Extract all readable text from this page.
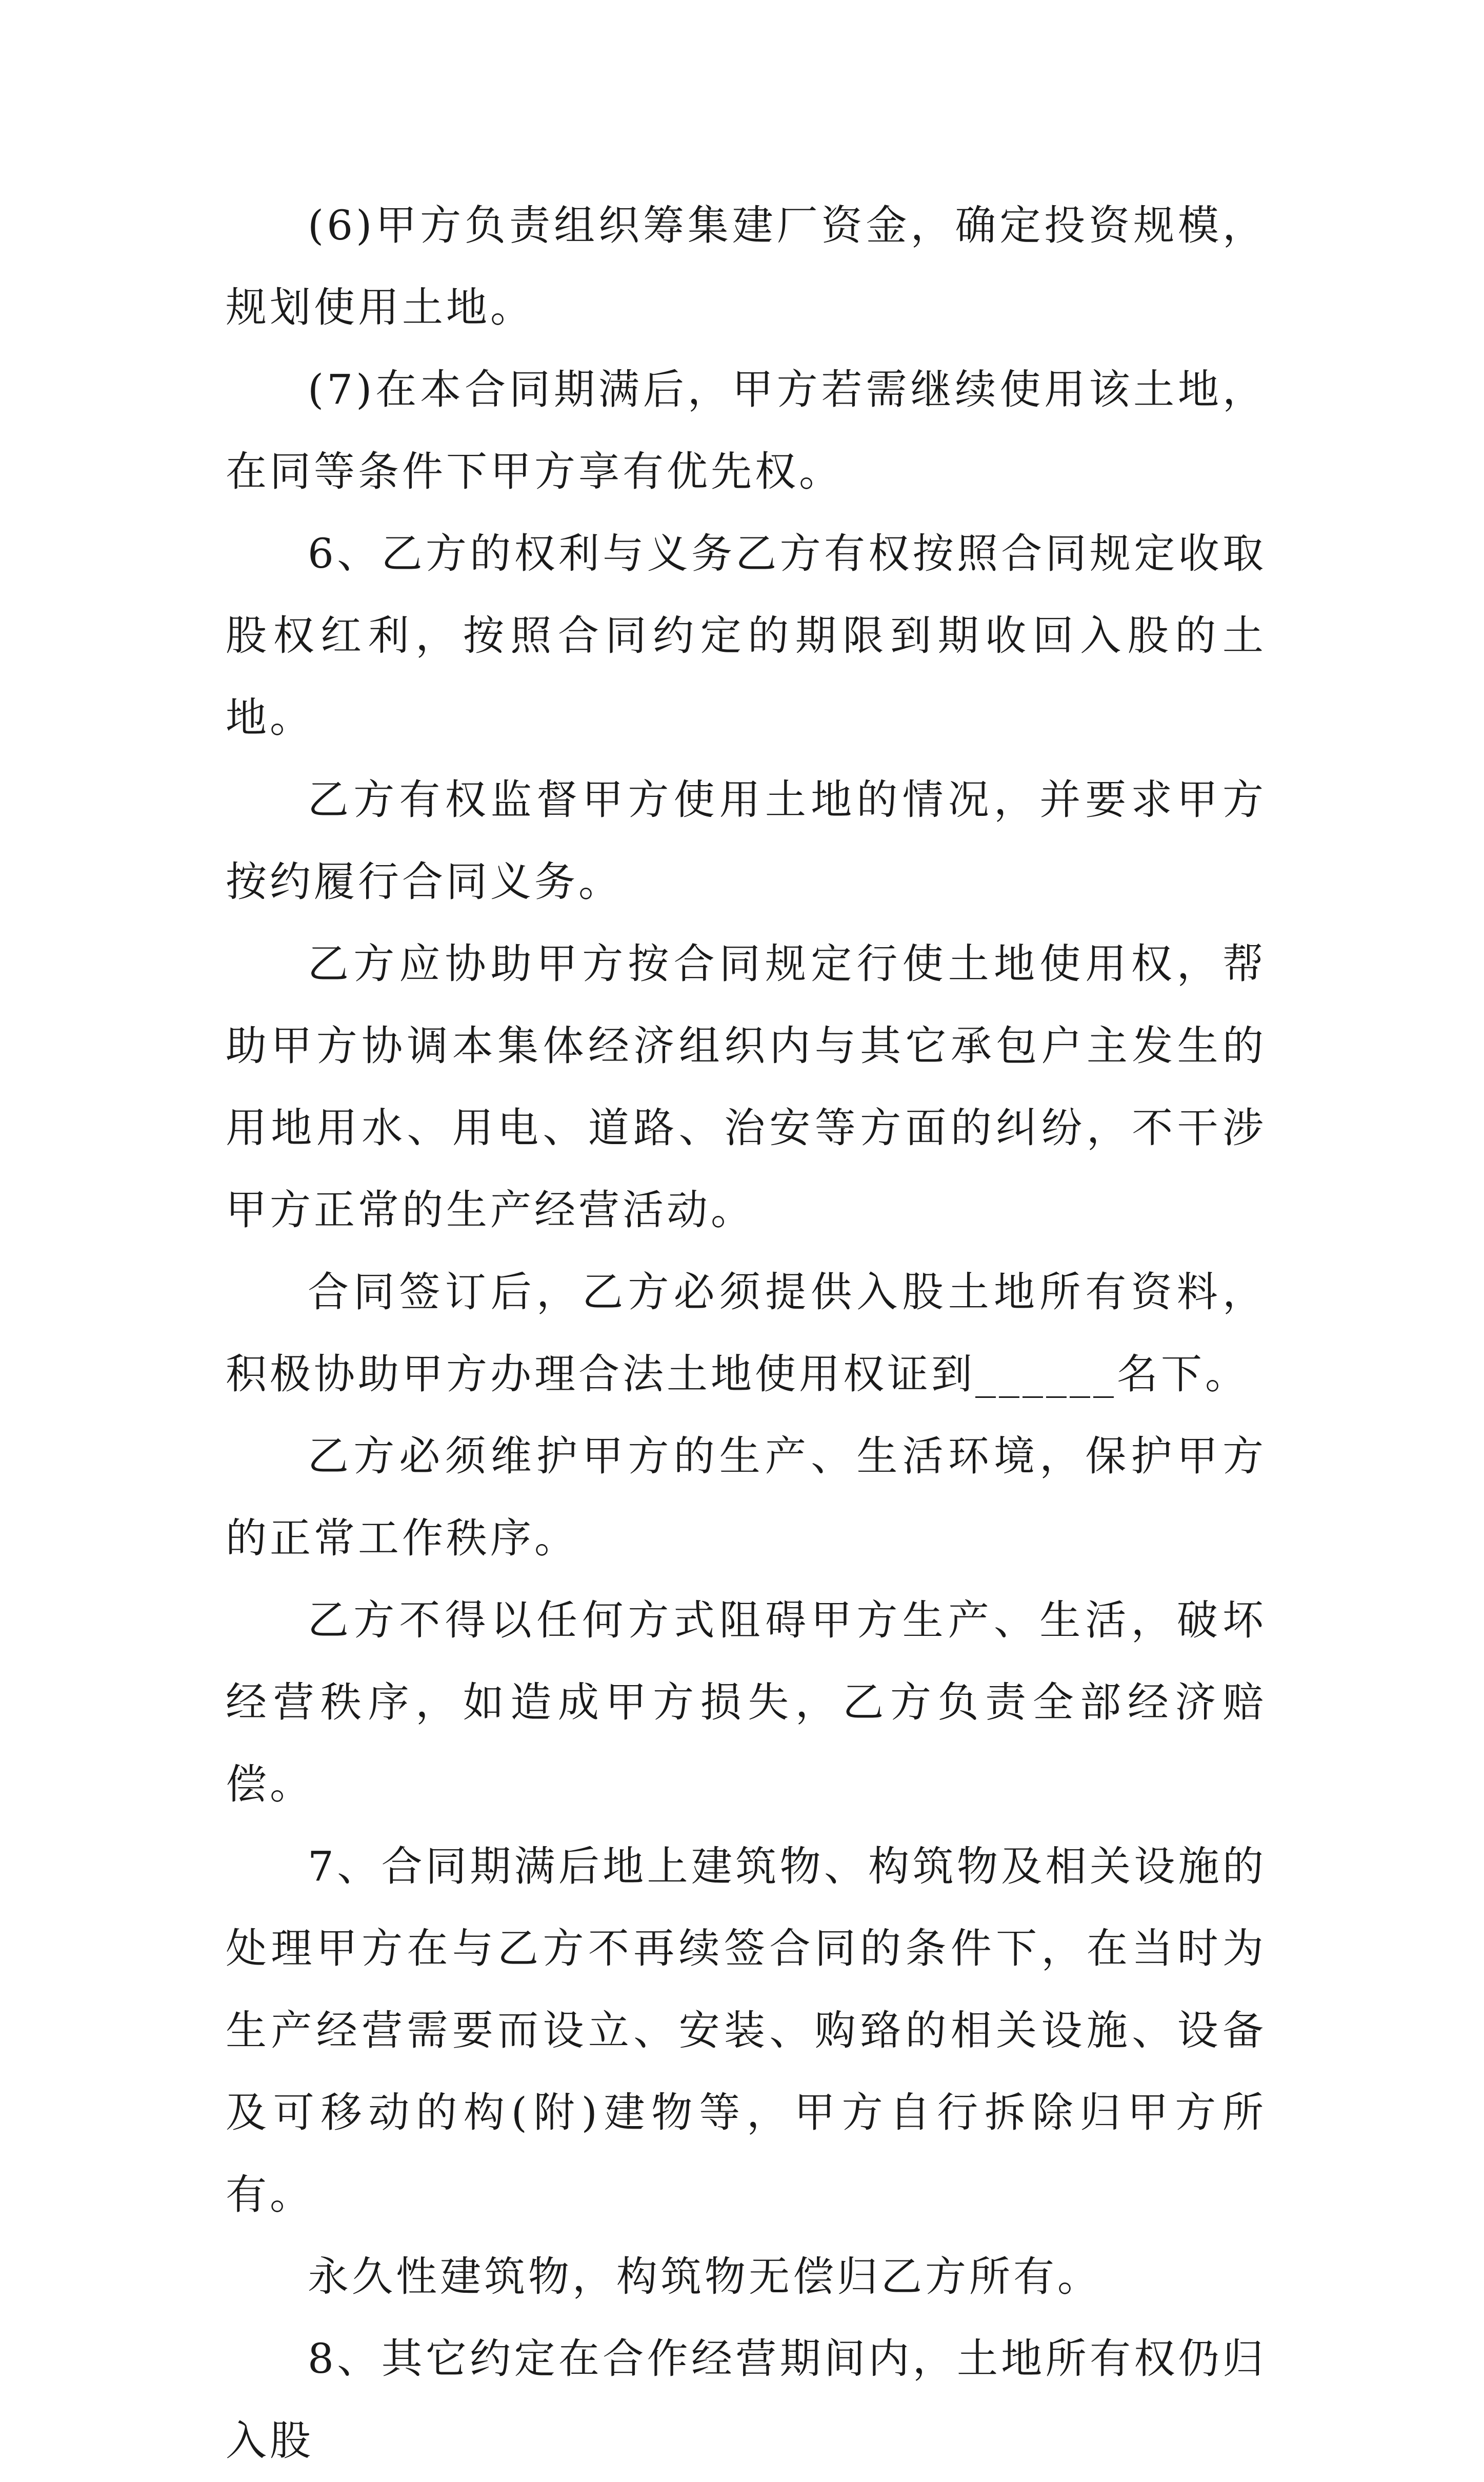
(6)甲方负责组织筹集建厂资金，确定投资规模，规划使用土地。

(7)在本合同期满后，甲方若需继续使用该土地，在同等条件下甲方享有优先权。

6、乙方的权利与义务乙方有权按照合同规定收取股权红利，按照合同约定的期限到期收回入股的土地。

乙方有权监督甲方使用土地的情况，并要求甲方按约履行合同义务。

乙方应协助甲方按合同规定行使土地使用权，帮助甲方协调本集体经济组织内与其它承包户主发生的用地用水、用电、道路、治安等方面的纠纷，不干涉甲方正常的生产经营活动。

合同签订后，乙方必须提供入股土地所有资料，积极协助甲方办理合法土地使用权证到______名下。

乙方必须维护甲方的生产、生活环境，保护甲方的正常工作秩序。

乙方不得以任何方式阻碍甲方生产、生活，破坏经营秩序，如造成甲方损失，乙方负责全部经济赔偿。

7、合同期满后地上建筑物、构筑物及相关设施的处理甲方在与乙方不再续签合同的条件下，在当时为生产经营需要而设立、安装、购臵的相关设施、设备及可移动的构(附)建物等，甲方自行拆除归甲方所有。

永久性建筑物，构筑物无偿归乙方所有。

8、其它约定在合作经营期间内，土地所有权仍归入股
